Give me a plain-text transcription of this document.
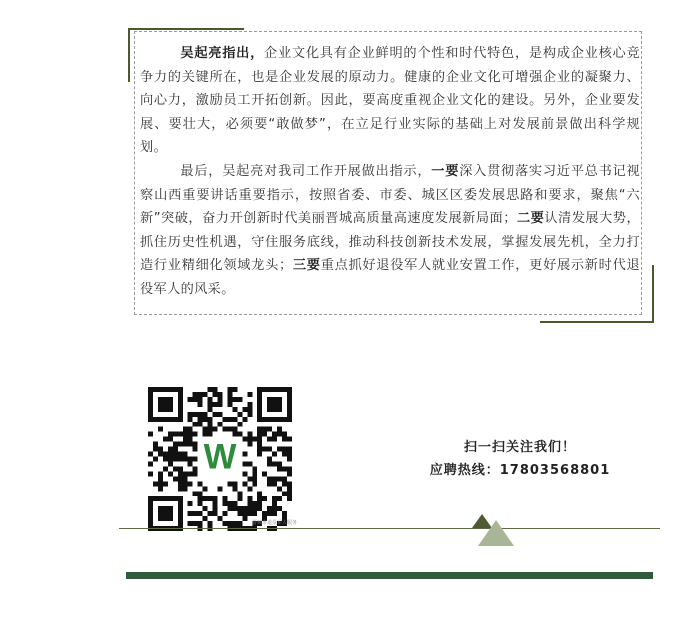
吴起亮指出，企业文化具有企业鲜明的个性和时代特色，是构成企业核心竞争力的关键所在，也是企业发展的原动力。健康的企业文化可增强企业的凝聚力、向心力，激励员工开拓创新。因此，要高度重视企业文化的建设。另外，企业要发展、要壮大，必须要“敢做梦”，在立足行业实际的基础上对发展前景做出科学规划。

最后，吴起亮对我司工作开展做出指示，一要深入贯彻落实习近平总书记视察山西重要讲话重要指示，按照省委、市委、城区区委发展思路和要求，聚焦“六新”突破，奋力开创新时代美丽晋城高质量高速度发展新局面；二要认清发展大势，抓住历史性机遇，守住服务底线，推动科技创新技术发展，掌握发展先机，全力打造行业精细化领域龙头；三要重点抓好退役军人就业安置工作，更好展示新时代退役军人的风采。

W
晋城市退役军人服务
扫一扫关注我们！
应聘热线：17803568801
